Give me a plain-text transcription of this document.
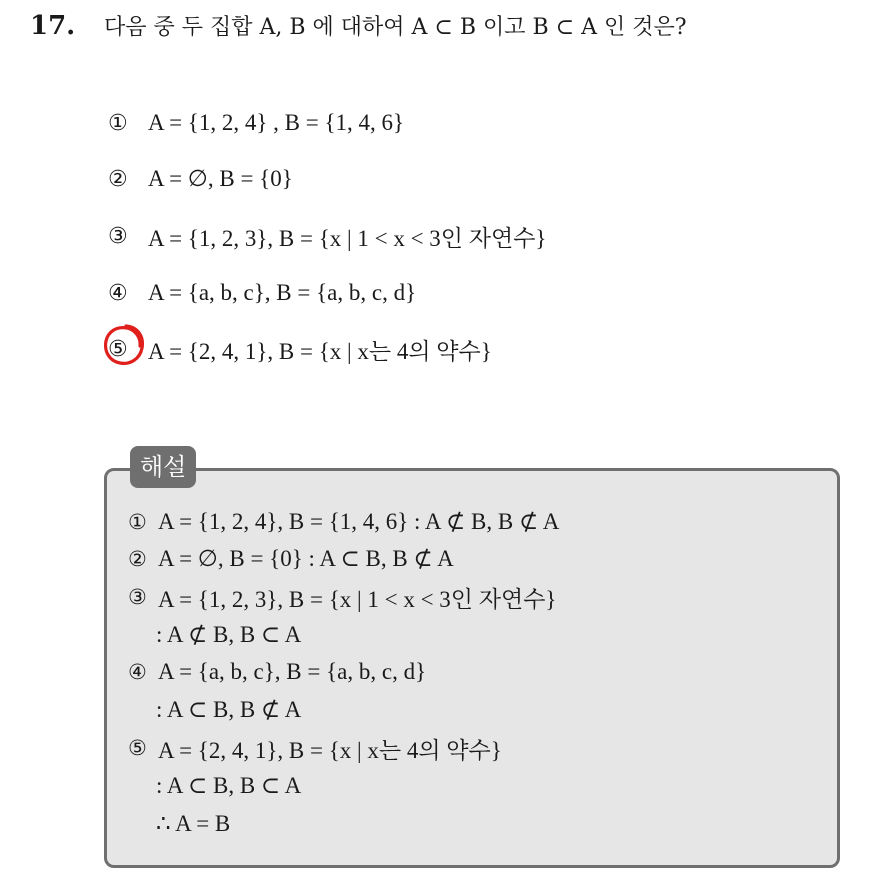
17.	다음 중 두 집합 A, B 에 대하여 A ⊂ B 이고 B ⊂ A 인 것은?
① A = {1, 2, 4} , B = {1, 4, 6}
② A = ∅, B = {0}
③ A = {1, 2, 3}, B = {x | 1 < x < 3인 자연수}
④ A = {a, b, c}, B = {a, b, c, d}
⑤ A = {2, 4, 1}, B = {x | x는 4의 약수}
해설
① A = {1, 2, 4}, B = {1, 4, 6} : A ⊄ B, B ⊄ A
② A = ∅, B = {0} : A ⊂ B, B ⊄ A
③ A = {1, 2, 3}, B = {x | 1 < x < 3인 자연수}
: A ⊄ B, B ⊂ A
④ A = {a, b, c}, B = {a, b, c, d}
: A ⊂ B, B ⊄ A
⑤ A = {2, 4, 1}, B = {x | x는 4의 약수}
: A ⊂ B, B ⊂ A
∴ A = B
